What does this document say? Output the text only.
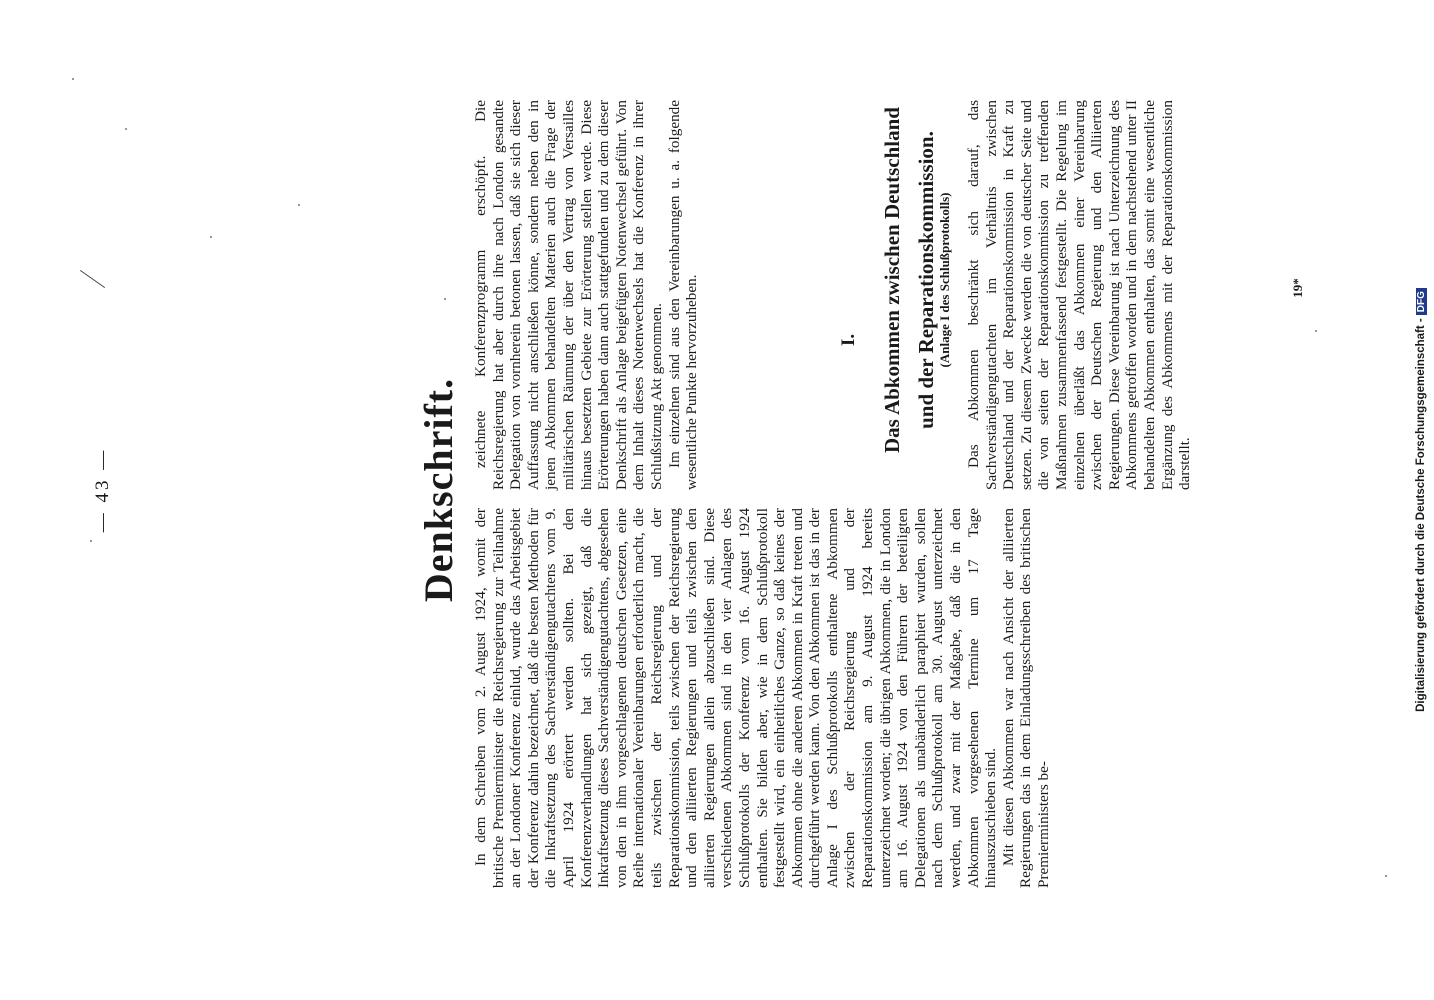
— 43 —	Denkschrift.

In dem Schreiben vom 2. August 1924, womit der britische Premierminister die Reichsregierung zur Teilnahme an der Londoner Konferenz einlud, wurde das Arbeitsgebiet der Konferenz dahin bezeichnet, daß die besten Methoden für die Inkraftsetzung des Sachverständigengutachtens vom 9. April 1924 erörtert werden sollten. Bei den Konferenzverhandlungen hat sich gezeigt, daß die Inkraftsetzung dieses Sachverständigengutachtens, abgesehen von den in ihm vorgeschlagenen deutschen Gesetzen, eine Reihe internationaler Vereinbarungen erforderlich macht, die teils zwischen der Reichsregierung und der Reparationskommission, teils zwischen der Reichsregierung und den alliierten Regierungen und teils zwischen den alliierten Regierungen allein abzuschließen sind. Diese verschiedenen Abkommen sind in den vier Anlagen des Schlußprotokolls der Konferenz vom 16. August 1924 enthalten. Sie bilden aber, wie in dem Schlußprotokoll festgestellt wird, ein einheitliches Ganze, so daß keines der Abkommen ohne die anderen Abkommen in Kraft treten und durchgeführt werden kann. Von den Abkommen ist das in der Anlage I des Schlußprotokolls enthaltene Abkommen zwischen der Reichsregierung und der Reparationskommission am 9. August 1924 bereits unterzeichnet worden; die übrigen Abkommen, die in London am 16. August 1924 von den Führern der beteiligten Delegationen als unabänderlich paraphiert wurden, sollen nach dem Schlußprotokoll am 30. August unterzeichnet werden, und zwar mit der Maßgabe, daß die in den Abkommen vorgesehenen Termine um 17 Tage hinauszuschieben sind. Mit diesen Abkommen war nach Ansicht der alliierten Regierungen das in dem Einladungsschreiben des britischen Premierministers be-

zeichnete Konferenzprogramm erschöpft. Die Reichsregierung hat aber durch ihre nach London gesandte Delegation von vornherein betonen lassen, daß sie sich dieser Auffassung nicht anschließen könne, sondern neben den in jenen Abkommen behandelten Materien auch die Frage der militärischen Räumung der über den Vertrag von Versailles hinaus besetzten Gebiete zur Erörterung stellen werde. Diese Erörterungen haben dann auch stattgefunden und zu dem dieser Denkschrift als Anlage beigefügten Notenwechsel geführt. Von dem Inhalt dieses Notenwechsels hat die Konferenz in ihrer Schlußsitzung Akt genommen. Im einzelnen sind aus den Vereinbarungen u. a. folgende wesentliche Punkte hervorzuheben.	I. Das Abkommen zwischen Deutschland und der Reparationskommission. (Anlage I des Schlußprotokolls) Das Abkommen beschränkt sich darauf, das Sachverständigengutachten im Verhältnis zwischen Deutschland und der Reparationskommission in Kraft zu setzen. Zu diesem Zwecke werden die von deutscher Seite und die von seiten der Reparationskommission zu treffenden Maßnahmen zusammenfassend festgestellt. Die Regelung im einzelnen überläßt das Abkommen einer Vereinbarung zwischen der Deutschen Regierung und den Alliierten Regierungen. Diese Vereinbarung ist nach Unterzeichnung des Abkommens getroffen worden und in dem nachstehend unter II behandelten Abkommen enthalten, das somit eine wesentliche Ergänzung des Abkommens mit der Reparationskommission darstellt.

19*
Digitalisierung gefördert durch die Deutsche Forschungsgemeinschaft -DFG
